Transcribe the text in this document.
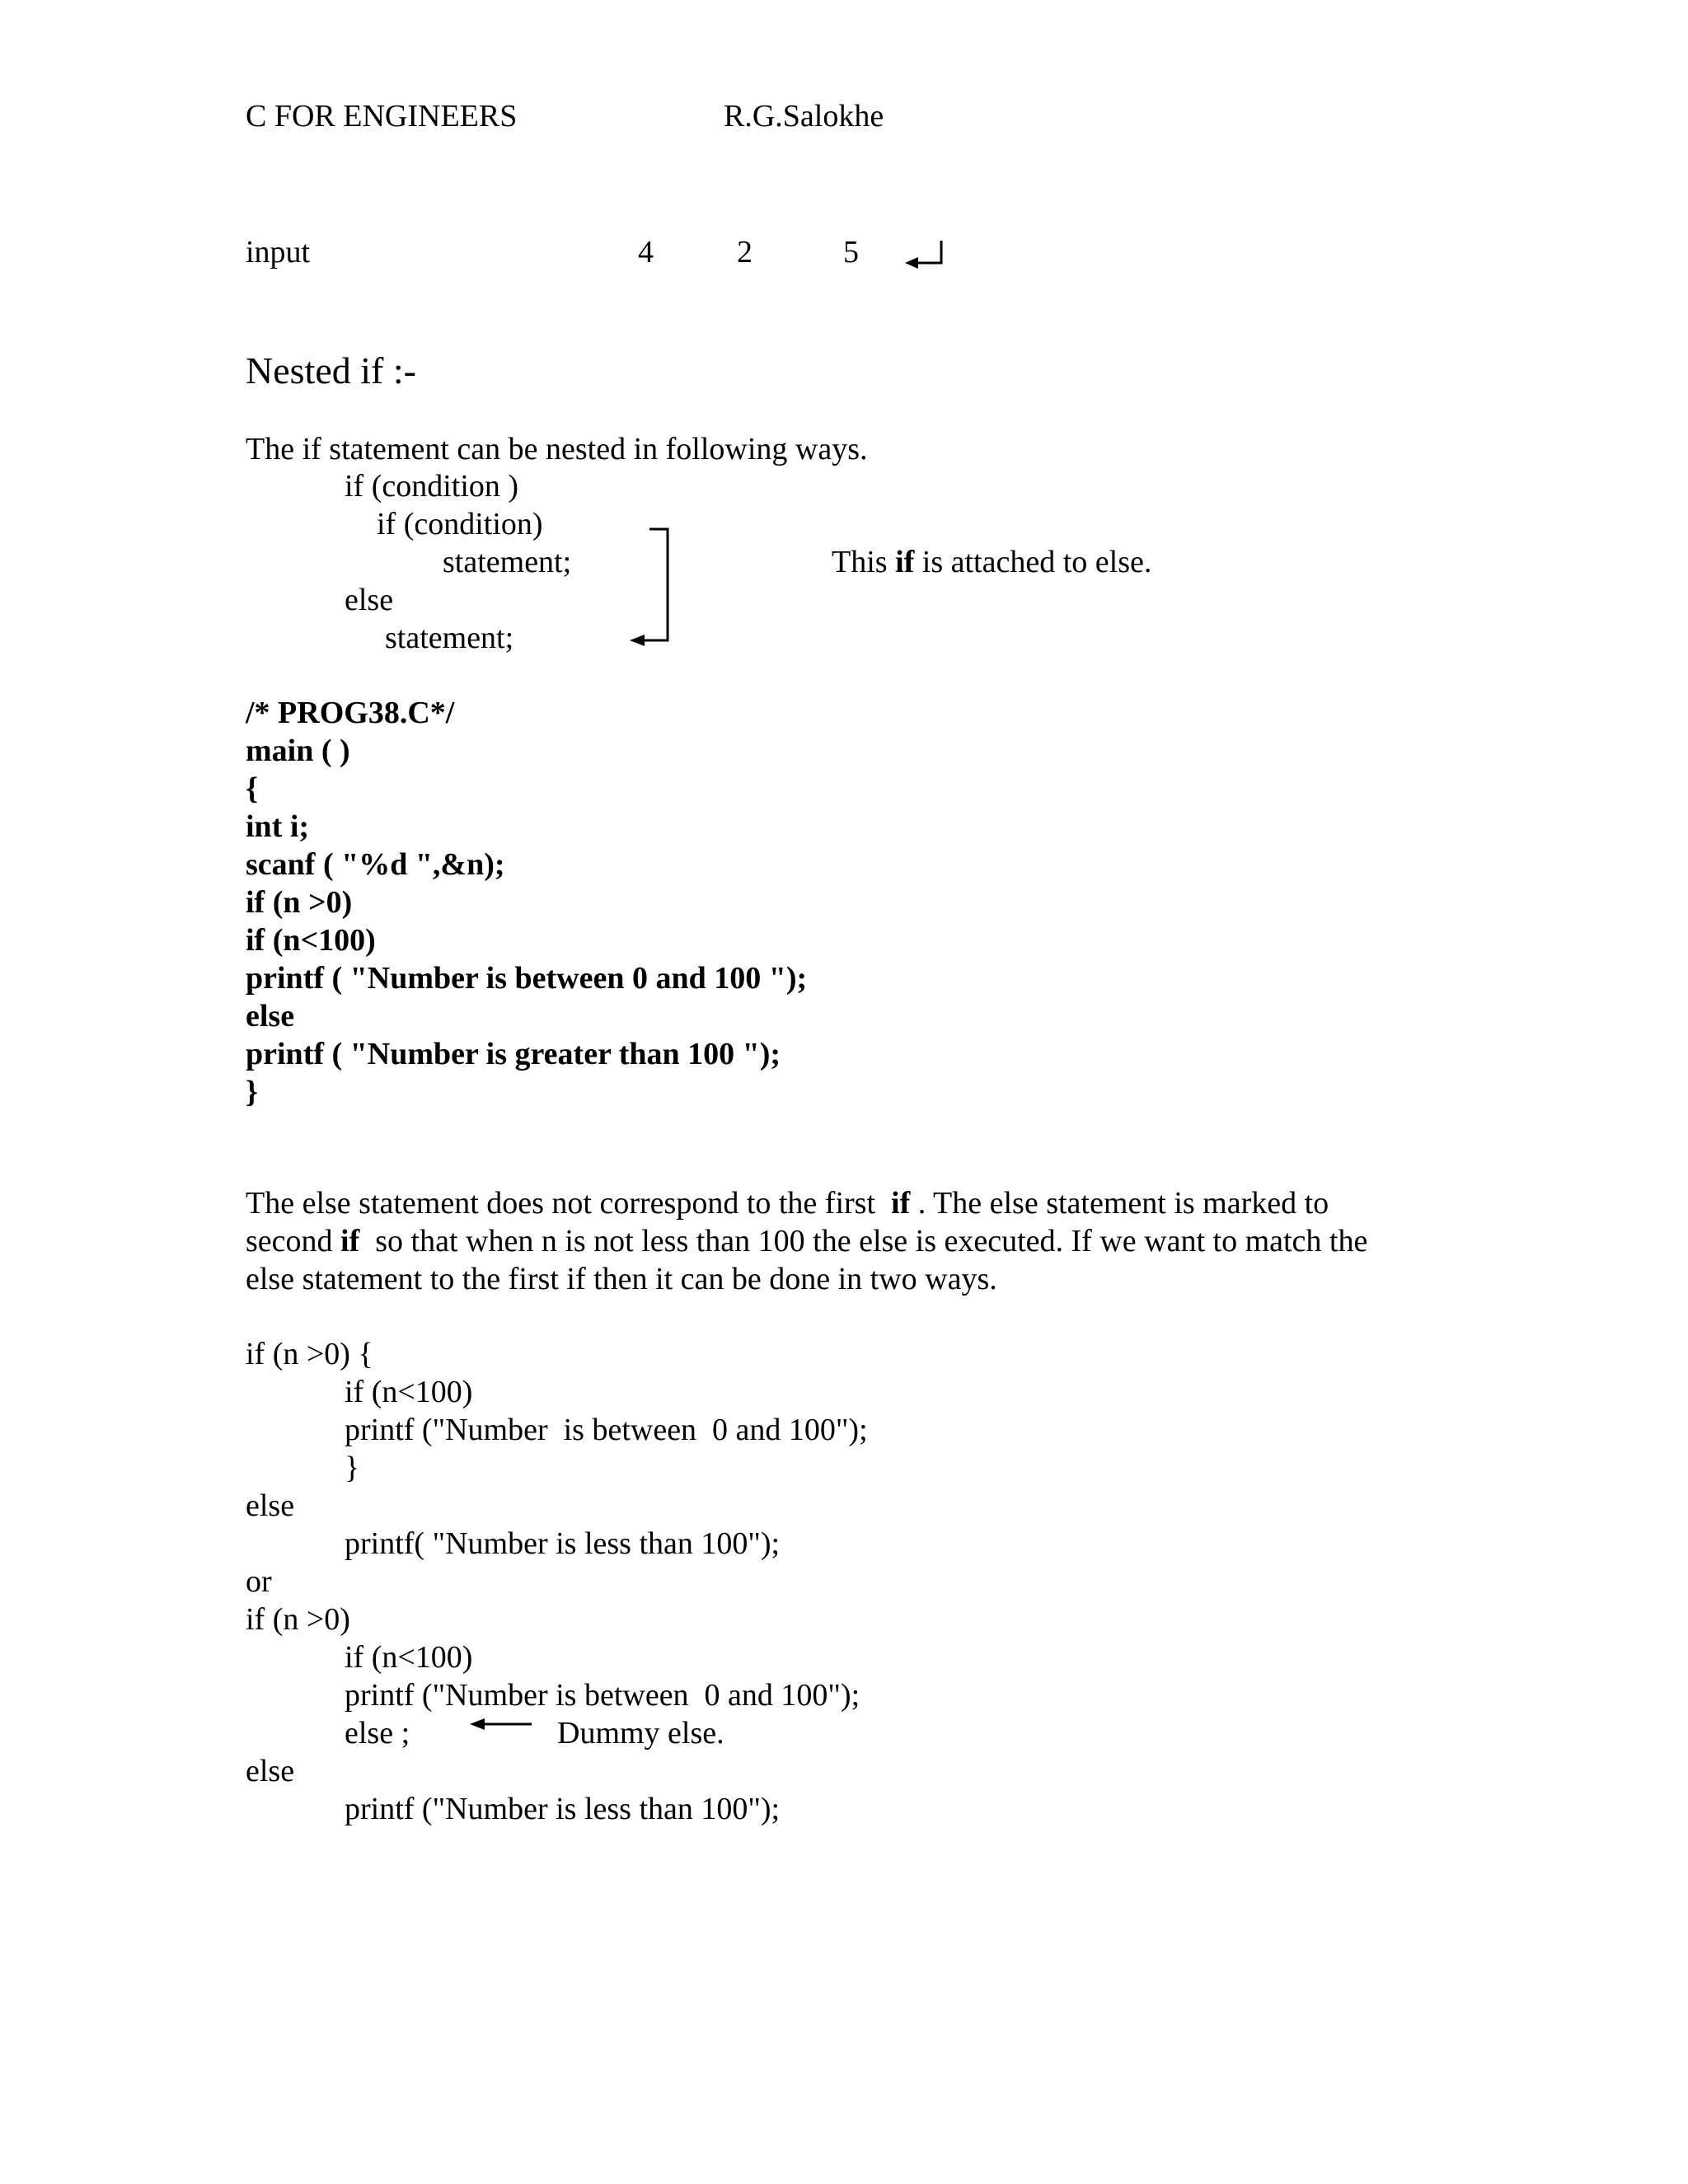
C FOR ENGINEERS	R.G.Salokhe
input	4	2	5
Nested if :-
The if statement can be nested in following ways.
if (condition )
if (condition)
statement;
else
statement;
This if is attached to else.
/* PROG38.C*/
main ( )
{
int i;
scanf ( "%d ",&n);
if (n >0)
if (n<100)
printf ( "Number is between 0 and 100 ");
else
printf ( "Number is greater than 100 ");
}
The else statement does not correspond to the first  if . The else statement is marked to
second if  so that when n is not less than 100 the else is executed. If we want to match the
else statement to the first if then it can be done in two ways.
if (n >0) {
if (n<100)
printf ("Number  is between  0 and 100");
}
else
printf( "Number is less than 100");
or
if (n >0)
if (n<100)
printf ("Number is between  0 and 100");
else ;	Dummy else.
else
printf ("Number is less than 100");
